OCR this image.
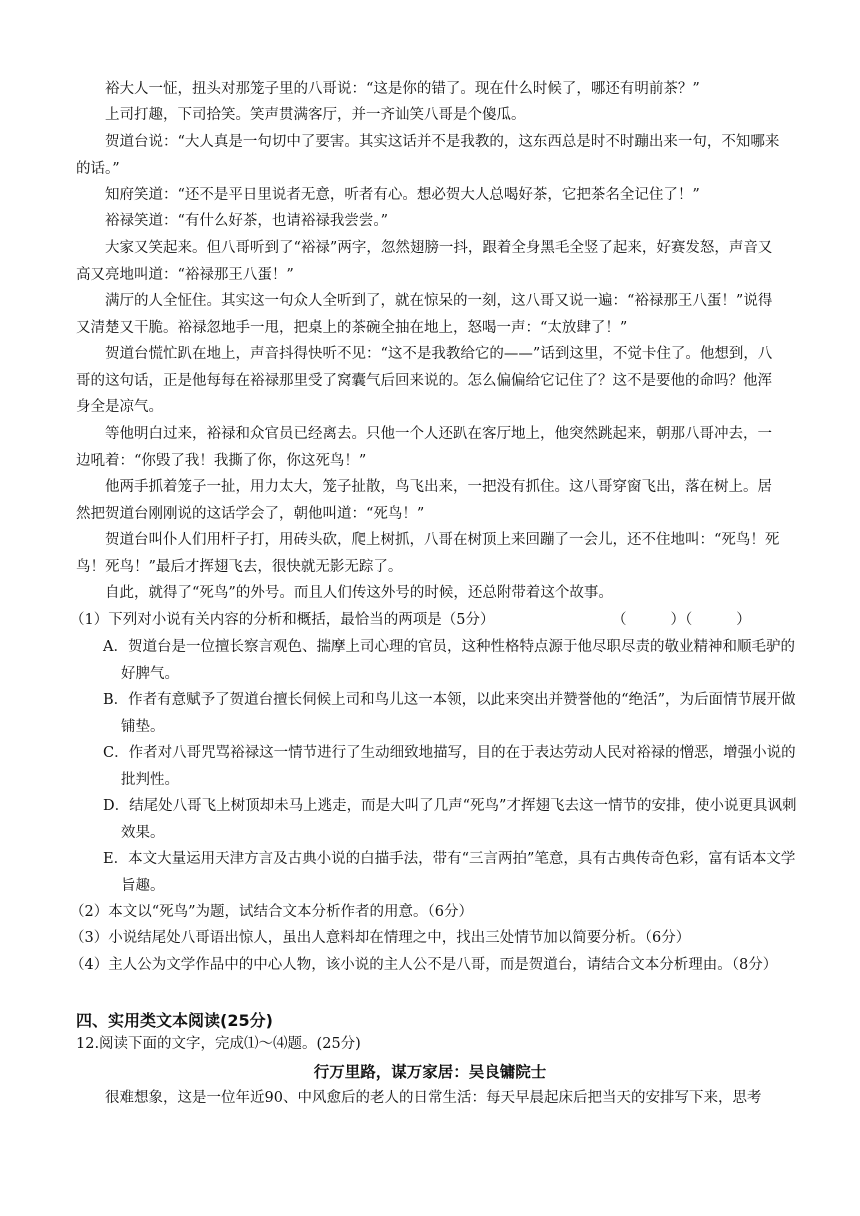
裕大人一怔，扭头对那笼子里的八哥说：“这是你的错了。现在什么时候了，哪还有明前茶？”

上司打趣，下司拾笑。笑声贯满客厅，并一齐讪笑八哥是个傻瓜。

贺道台说：“大人真是一句切中了要害。其实这话并不是我教的，这东西总是时不时蹦出来一句，不知哪来的话。”

知府笑道：“还不是平日里说者无意，听者有心。想必贺大人总喝好茶，它把茶名全记住了！”

裕禄笑道：“有什么好茶，也请裕禄我尝尝。”

大家又笑起来。但八哥听到了“裕禄”两字，忽然翅膀一抖，跟着全身黑毛全竖了起来，好赛发怒，声音又高又亮地叫道：“裕禄那王八蛋！”

满厅的人全怔住。其实这一句众人全听到了，就在惊呆的一刻，这八哥又说一遍：“裕禄那王八蛋！”说得又清楚又干脆。裕禄忽地手一甩，把桌上的茶碗全抽在地上，怒喝一声：“太放肆了！”

贺道台慌忙趴在地上，声音抖得快听不见：“这不是我教给它的——”话到这里，不觉卡住了。他想到，八哥的这句话，正是他每每在裕禄那里受了窝囊气后回来说的。怎么偏偏给它记住了？这不是要他的命吗？他浑身全是凉气。

等他明白过来，裕禄和众官员已经离去。只他一个人还趴在客厅地上，他突然跳起来，朝那八哥冲去，一边吼着：“你毁了我！我撕了你，你这死鸟！”

他两手抓着笼子一扯，用力太大，笼子扯散，鸟飞出来，一把没有抓住。这八哥穿窗飞出，落在树上。居然把贺道台刚刚说的这话学会了，朝他叫道：“死鸟！”

贺道台叫仆人们用杆子打，用砖头砍，爬上树抓，八哥在树顶上来回蹦了一会儿，还不住地叫：“死鸟！死鸟！死鸟！”最后才挥翅飞去，很快就无影无踪了。

自此，就得了“死鸟”的外号。而且人们传这外号的时候，还总附带着这个故事。

（1）下列对小说有关内容的分析和概括，最恰当的两项是（5分）	（	）（	）

A．贺道台是一位擅长察言观色、揣摩上司心理的官员，这种性格特点源于他尽职尽责的敬业精神和顺毛驴的好脾气。

B．作者有意赋予了贺道台擅长伺候上司和鸟儿这一本领，以此来突出并赞誉他的“绝活”，为后面情节展开做铺垫。

C．作者对八哥咒骂裕禄这一情节进行了生动细致地描写，目的在于表达劳动人民对裕禄的憎恶，增强小说的批判性。

D．结尾处八哥飞上树顶却未马上逃走，而是大叫了几声“死鸟”才挥翅飞去这一情节的安排，使小说更具讽刺效果。

E．本文大量运用天津方言及古典小说的白描手法，带有“三言两拍”笔意，具有古典传奇色彩，富有话本文学旨趣。

（2）本文以“死鸟”为题，试结合文本分析作者的用意。（6分）

（3）小说结尾处八哥语出惊人，虽出人意料却在情理之中，找出三处情节加以简要分析。（6分）

（4）主人公为文学作品中的中心人物，该小说的主人公不是八哥，而是贺道台，请结合文本分析理由。（8分）

四、实用类文本阅读(25分)

12.阅读下面的文字，完成⑴～⑷题。(25分)

行万里路，谋万家居：吴良镛院士

很难想象，这是一位年近90、中风愈后的老人的日常生活：每天早晨起床后把当天的安排写下来，思考
